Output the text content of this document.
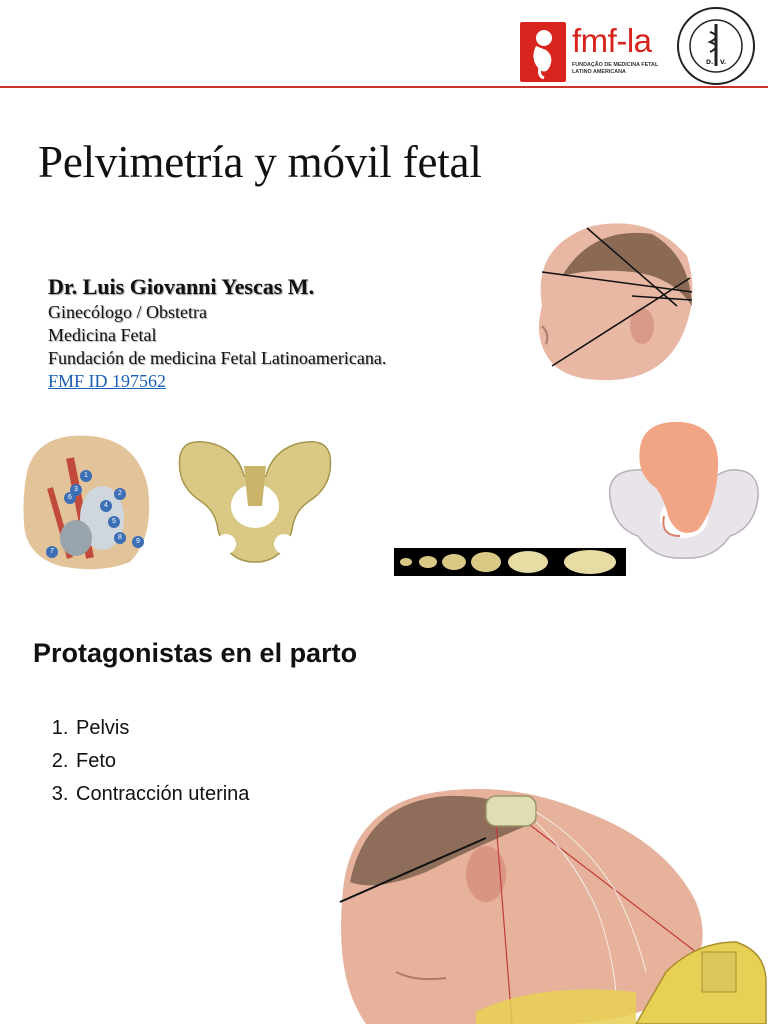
fmf-la
FUNDAÇÃO DE MEDICINA FETAL LATINO AMERICANA
D. V.
Pelvimetría y móvil fetal
Dr. Luis Giovanni Yescas M.
Ginecólogo / Obstetra
Medicina Fetal
Fundación de medicina Fetal Latinoamericana.
FMF ID 197562
1
2
3
4
5
6
7
8
9
Protagonistas en el parto
1. Pelvis
2. Feto
3. Contracción uterina
